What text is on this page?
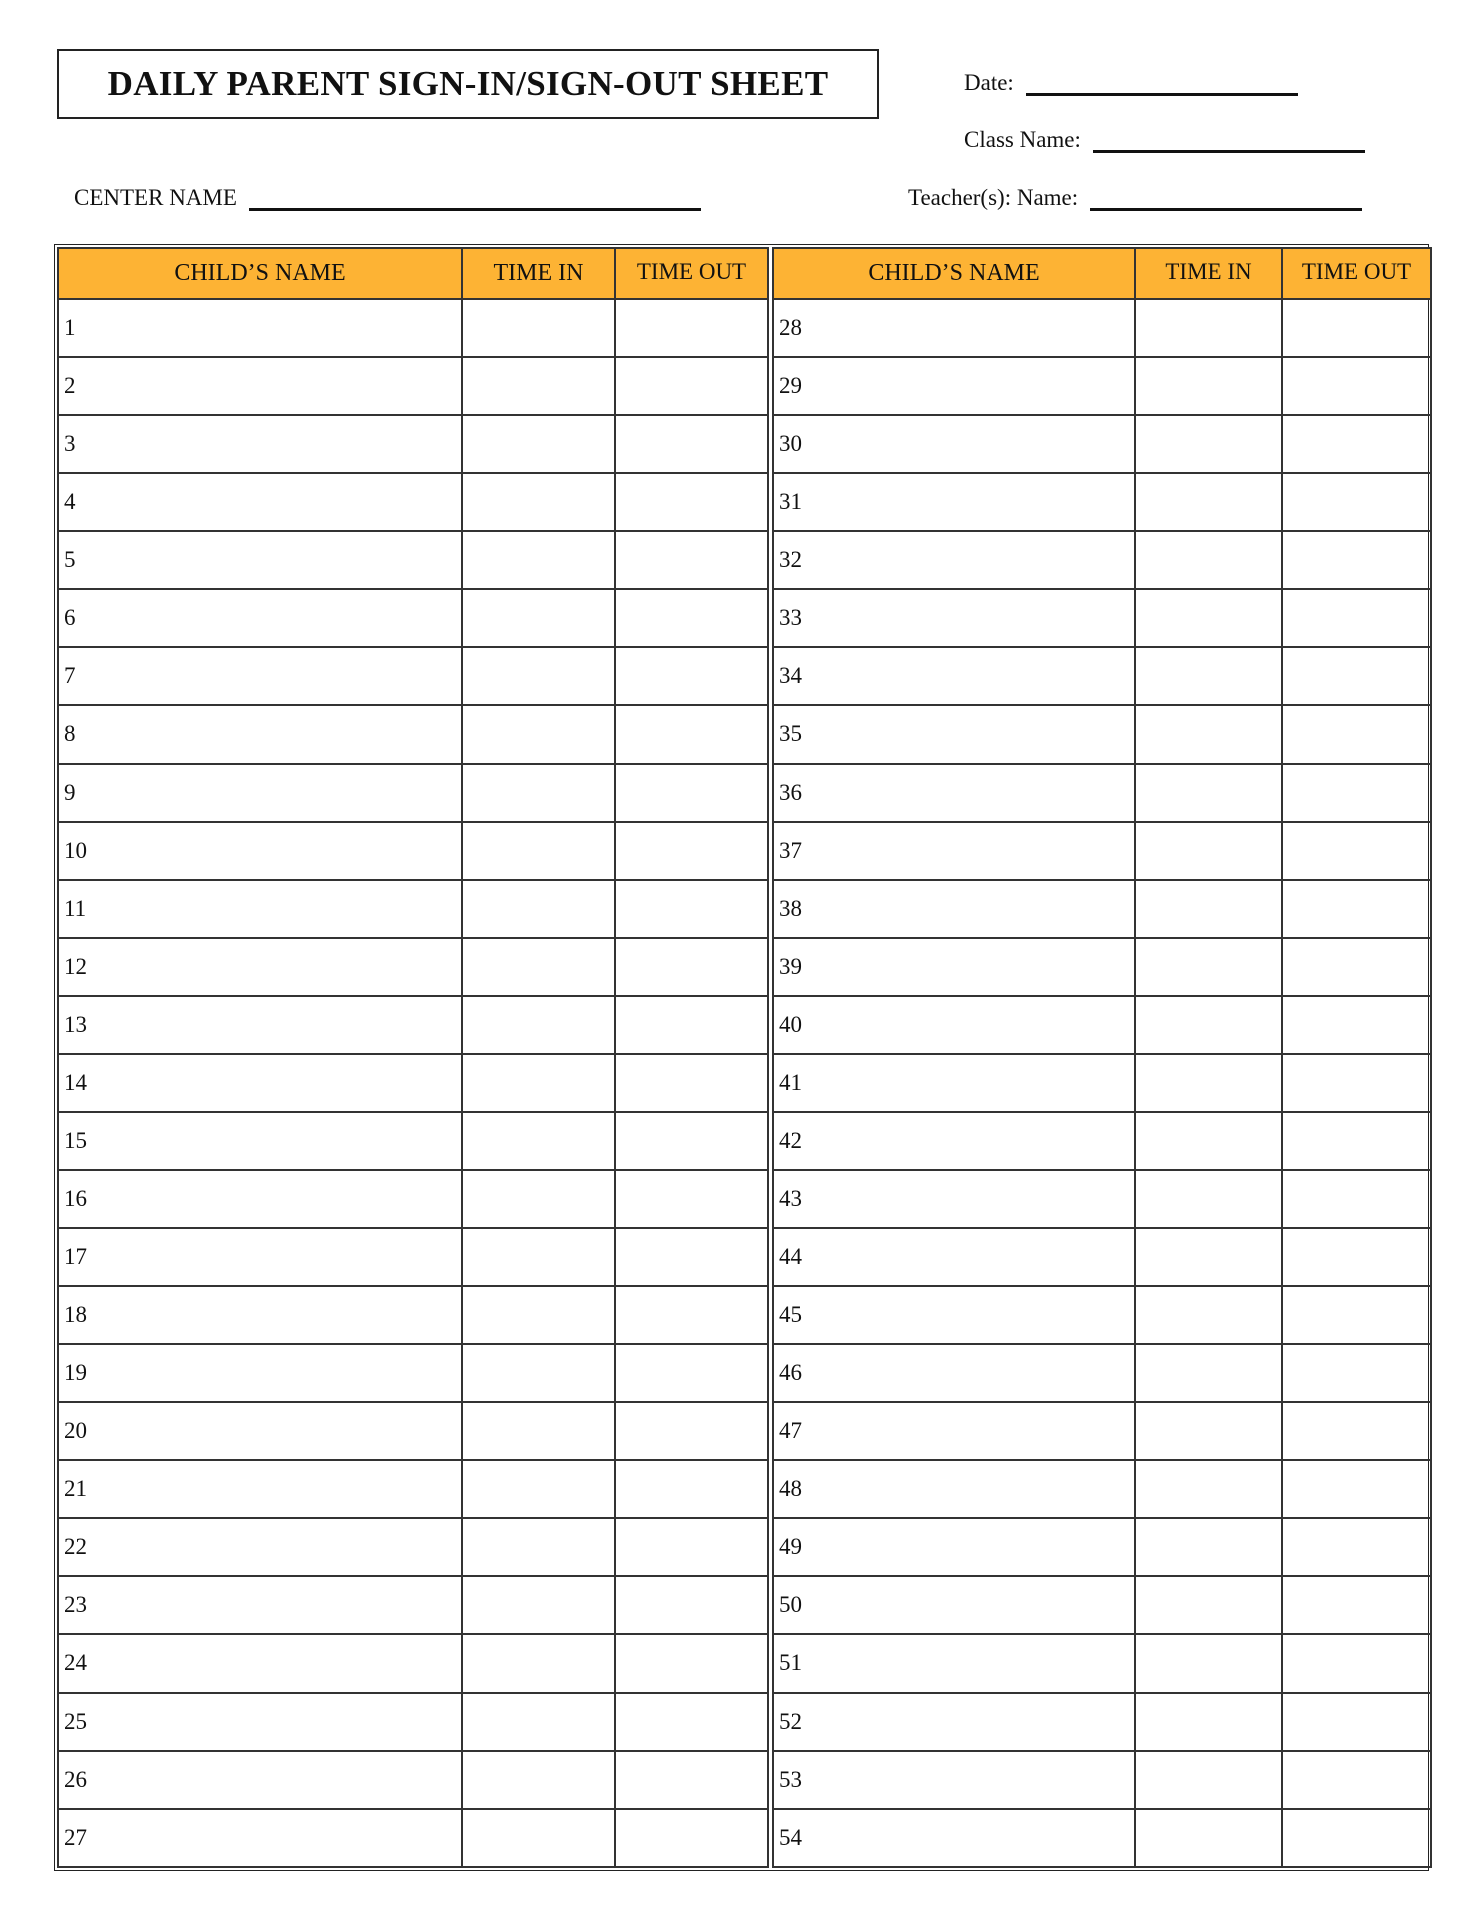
DAILY PARENT SIGN-IN/SIGN-OUT SHEET	Date:
Class Name:
CENTER NAME	Teacher(s): Name:
CHILD’S NAME	TIME IN	TIME OUT
1		
2		
3		
4		
5		
6		
7		
8		
9		
10		
11		
12		
13		
14		
15		
16		
17		
18		
19		
20		
21		
22		
23		
24		
25		
26		
27		
CHILD’S NAME	TIME IN	TIME OUT
28		
29		
30		
31		
32		
33		
34		
35		
36		
37		
38		
39		
40		
41		
42		
43		
44		
45		
46		
47		
48		
49		
50		
51		
52		
53		
54		
